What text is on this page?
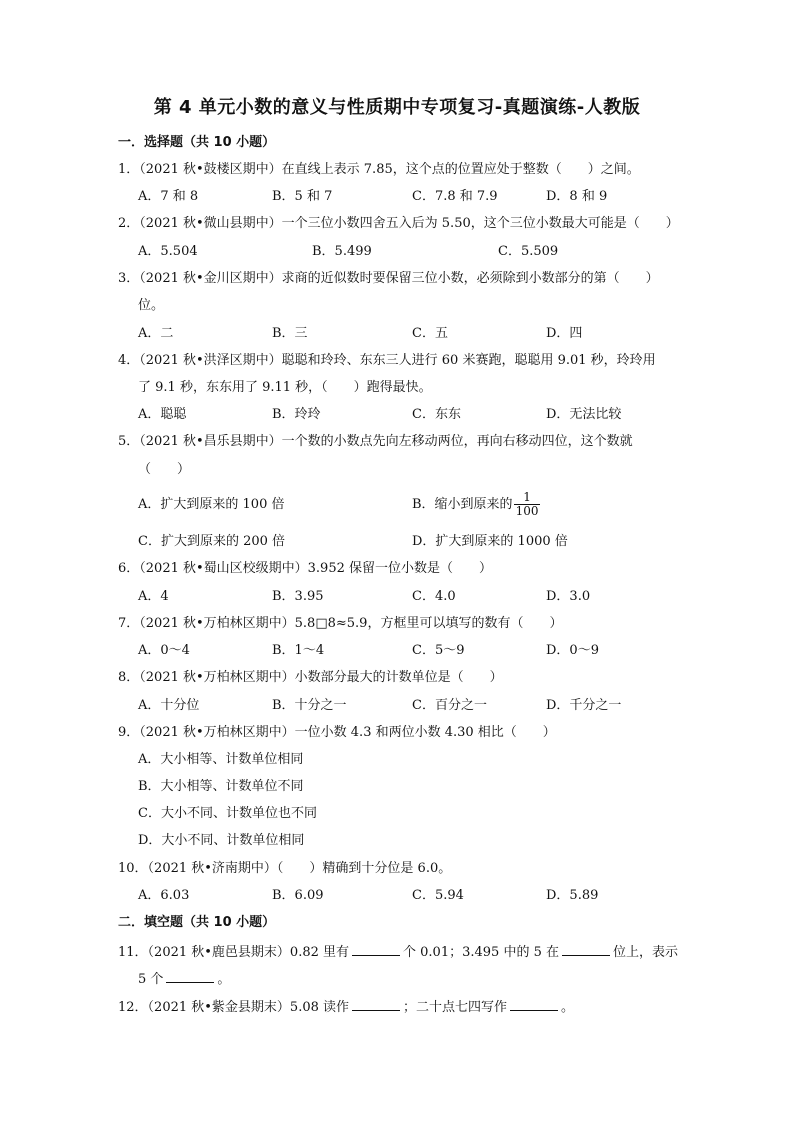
第 4 单元小数的意义与性质期中专项复习-真题演练-人教版
一．选择题（共 10 小题）
1．（2021 秋•鼓楼区期中）在直线上表示 7.85，这个点的位置应处于整数（　　）之间。
A．7 和 8	B．5 和 7	C．7.8 和 7.9	D．8 和 9
2．（2021 秋•微山县期中）一个三位小数四舍五入后为 5.50，这个三位小数最大可能是（　　）
A．5.504	B．5.499	C．5.509
3．（2021 秋•金川区期中）求商的近似数时要保留三位小数，必须除到小数部分的第（　　）
位。
A．二	B．三	C．五	D．四
4．（2021 秋•洪泽区期中）聪聪和玲玲、东东三人进行 60 米赛跑，聪聪用 9.01 秒，玲玲用
了 9.1 秒，东东用了 9.11 秒，（　　）跑得最快。
A．聪聪	B．玲玲	C．东东	D．无法比较
5．（2021 秋•昌乐县期中）一个数的小数点先向左移动两位，再向右移动四位，这个数就
（　　）
A．扩大到原来的 100 倍	B．缩小到原来的 $\frac{1}{100}$
C．扩大到原来的 200 倍	D．扩大到原来的 1000 倍
6．（2021 秋•蜀山区校级期中）3.952 保留一位小数是（　　）
A．4	B．3.95	C．4.0	D．3.0
7．（2021 秋•万柏林区期中）5.8□8≈5.9，方框里可以填写的数有（　　）
A．0～4	B．1～4	C．5～9	D．0～9
8．（2021 秋•万柏林区期中）小数部分最大的计数单位是（　　）
A．十分位	B．十分之一	C．百分之一	D．千分之一
9．（2021 秋•万柏林区期中）一位小数 4.3 和两位小数 4.30 相比（　　）
A．大小相等、计数单位相同
B．大小相等、计数单位不同
C．大小不同、计数单位也不同
D．大小不同、计数单位相同
10．（2021 秋•济南期中）（　　）精确到十分位是 6.0。
A．6.03	B．6.09	C．5.94	D．5.89
二．填空题（共 10 小题）
11．（2021 秋•鹿邑县期末）0.82 里有	个 0.01；3.495 中的 5 在	位上，表示
5 个	。
12．（2021 秋•紫金县期末）5.08 读作	；二十点七四写作	。
